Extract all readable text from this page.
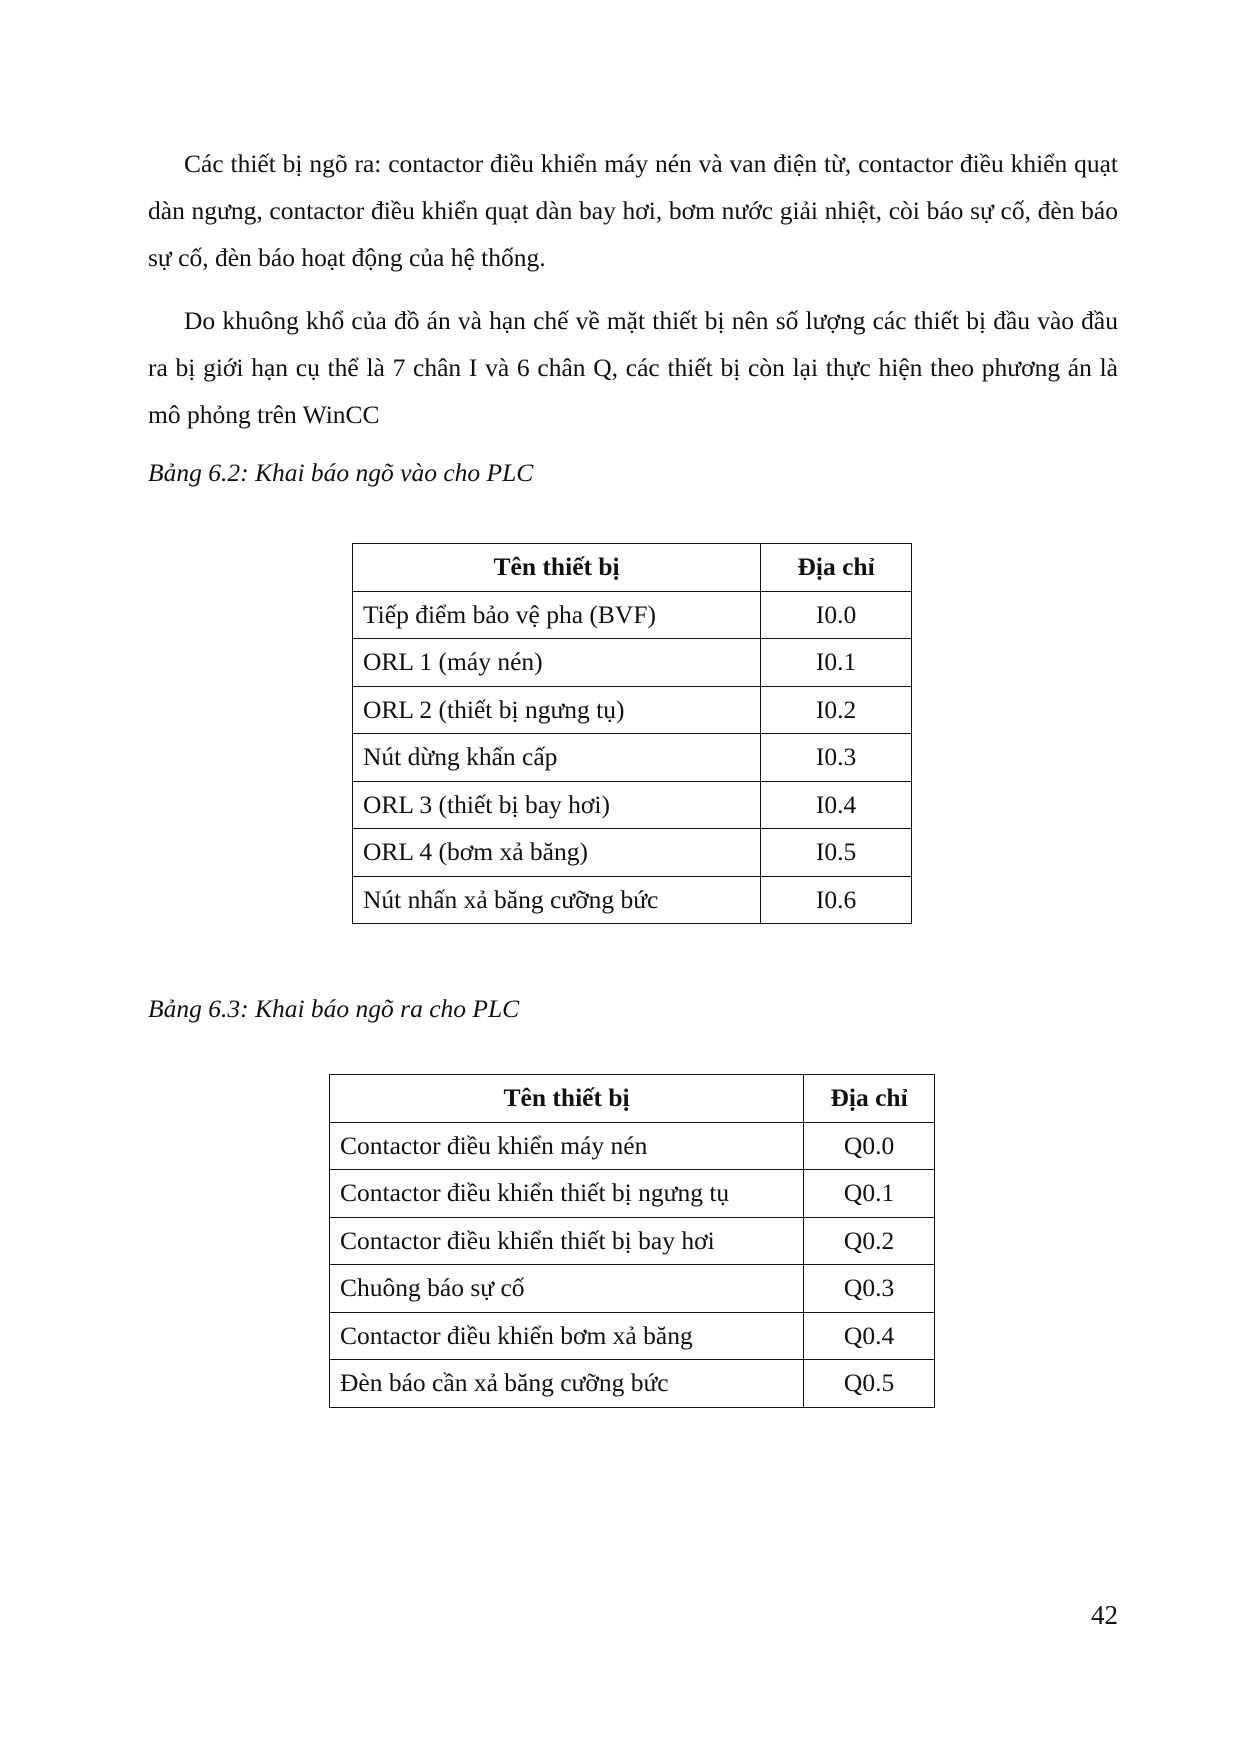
Các thiết bị ngõ ra: contactor điều khiển máy nén và van điện từ, contactor điều khiển quạt dàn ngưng, contactor điều khiển quạt dàn bay hơi, bơm nước giải nhiệt, còi báo sự cố, đèn báo sự cố, đèn báo hoạt động của hệ thống.

Do khuông khổ của đồ án và hạn chế về mặt thiết bị nên số lượng các thiết bị đầu vào đầu ra bị giới hạn cụ thể là 7 chân I và 6 chân Q, các thiết bị còn lại thực hiện theo phương án là mô phỏng trên WinCC

Bảng 6.2: Khai báo ngõ vào cho PLC

Tên thiết bị	Địa chỉ
Tiếp điểm bảo vệ pha (BVF)	I0.0
ORL 1 (máy nén)	I0.1
ORL 2 (thiết bị ngưng tụ)	I0.2
Nút dừng khẩn cấp	I0.3
ORL 3 (thiết bị bay hơi)	I0.4
ORL 4 (bơm xả băng)	I0.5
Nút nhấn xả băng cưỡng bức	I0.6

Bảng 6.3: Khai báo ngõ ra cho PLC

Tên thiết bị	Địa chỉ
Contactor điều khiển máy nén	Q0.0
Contactor điều khiển thiết bị ngưng tụ	Q0.1
Contactor điều khiển thiết bị bay hơi	Q0.2
Chuông báo sự cố	Q0.3
Contactor điều khiển bơm xả băng	Q0.4
Đèn báo cần xả băng cưỡng bức	Q0.5
42
